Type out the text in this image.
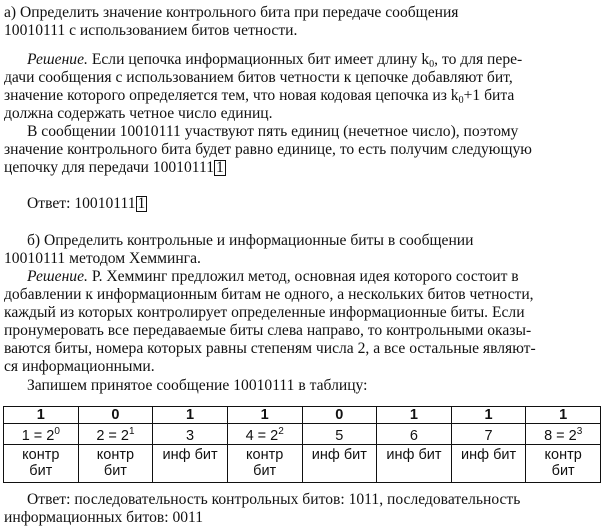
а) Определить значение контрольного бита при передаче сообщения
10010111 с использованием битов четности.
Решение. Если цепочка информационных бит имеет длину $k_0$, то для пере-
дачи сообщения с использованием битов четности к цепочке добавляют бит,
значение которого определяется тем, что новая кодовая цепочка из $k_0+1$ бита
должна содержать четное число единиц.
В сообщении 10010111 участвуют пять единиц (нечетное число), поэтому
значение контрольного бита будет равно единице, то есть получим следующую
цепочку для передачи 10010111 1
Ответ: 10010111 1
б) Определить контрольные и информационные биты в сообщении
10010111 методом Хемминга.
Решение. Р. Хемминг предложил метод, основная идея которого состоит в
добавлении к информационным битам не одного, а нескольких битов четности,
каждый из которых контролирует определенные информационные биты. Если
пронумеровать все передаваемые биты слева направо, то контрольными оказы-
ваются биты, номера которых равны степеням числа 2, а все остальные являют-
ся информационными.
Запишем принятое сообщение 10010111 в таблицу:
1	0	1	1	0	1	1	1
$1 = 2^0$	$2 = 2^1$	3	$4 = 2^2$	5	6	7	$8 = 2^3$
контр
бит	контр
бит	инф бит	контр
бит	инф бит	инф бит	инф бит	контр
бит
Ответ: последовательность контрольных битов: 1011, последовательность
информационных битов: 0011
